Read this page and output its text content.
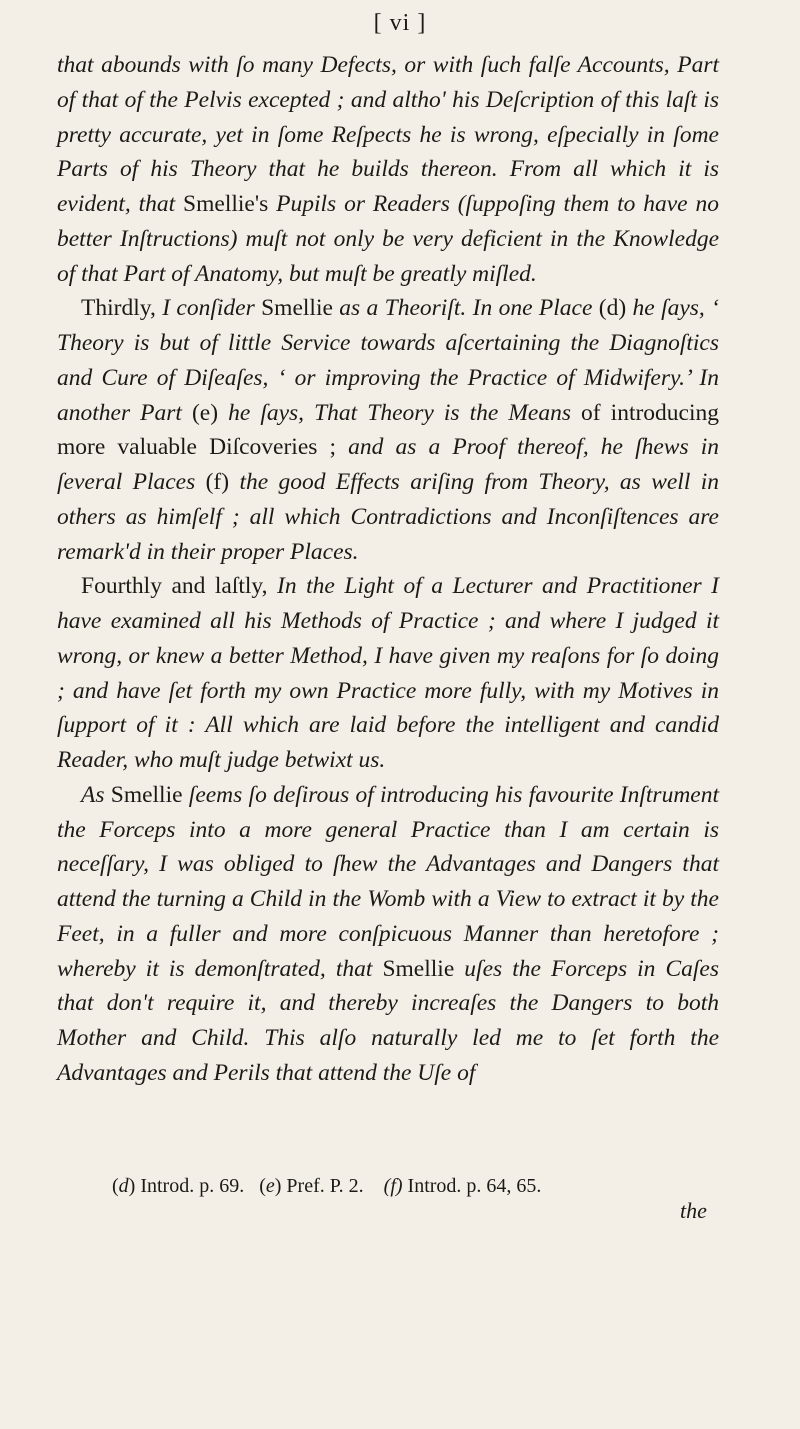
[ vi ]

that abounds with ſo many Defects, or with ſuch falſe Accounts, Part of that of the Pelvis excepted ; and altho' his Deſcription of this laſt is pretty accurate, yet in ſome Reſpects he is wrong, eſpecially in ſome Parts of his Theory that he builds thereon. From all which it is evident, that Smellie's Pupils or Readers (ſuppoſing them to have no better Inſtructions) muſt not only be very deficient in the Knowledge of that Part of Anatomy, but muſt be greatly miſled.

Thirdly, I conſider Smellie as a Theoriſt. In one Place (d) he ſays, ‘ Theory is but of little Service towards aſcertaining the Diagnoſtics and Cure of Diſeaſes, ‘ or improving the Practice of Midwifery.’ In another Part (e) he ſays, That Theory is the Means of introducing more valuable Diſcoveries ; and as a Proof thereof, he ſhews in ſeveral Places (f) the good Effects ariſing from Theory, as well in others as himſelf ; all which Contradictions and Inconſiſtences are remark'd in their proper Places.

Fourthly and laſtly, In the Light of a Lecturer and Practitioner I have examined all his Methods of Practice ; and where I judged it wrong, or knew a better Method, I have given my reaſons for ſo doing ; and have ſet forth my own Practice more fully, with my Motives in ſupport of it : All which are laid before the intelligent and candid Reader, who muſt judge betwixt us.

As Smellie ſeems ſo deſirous of introducing his favourite Inſtrument the Forceps into a more general Practice than I am certain is neceſſary, I was obliged to ſhew the Advantages and Dangers that attend the turning a Child in the Womb with a View to extract it by the Feet, in a fuller and more conſpicuous Manner than heretofore ; whereby it is demonſtrated, that Smellie uſes the Forceps in Caſes that don't require it, and thereby increaſes the Dangers to both Mother and Child. This alſo naturally led me to ſet forth the Advantages and Perils that attend the Uſe of

(d) Introd. p. 69.   (e) Pref. P. 2.    (f) Introd. p. 64, 65.
the
